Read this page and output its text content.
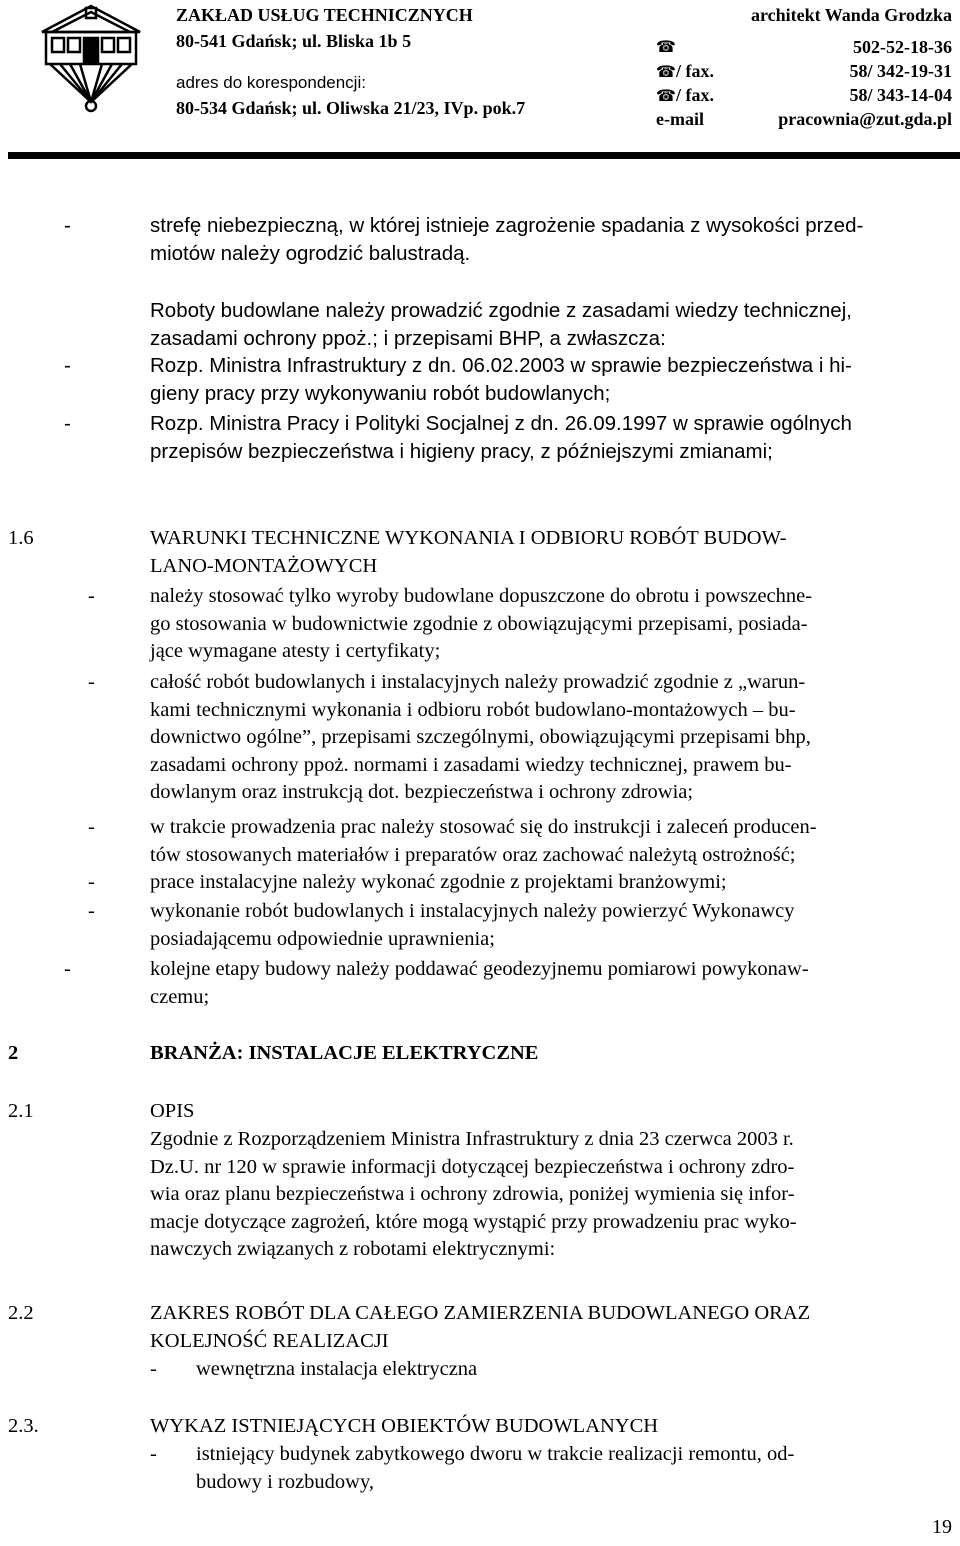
ZAKŁAD USŁUG TECHNICZNYCH
80-541 Gdańsk; ul. Bliska 1b 5
adres do korespondencji:
80-534 Gdańsk; ul. Oliwska 21/23, IVp. pok.7
architekt Wanda Grodzka
☎	502-52-18-36
☎ / fax.	58/ 342-19-31
☎ / fax.	58/ 343-14-04
e-mail	pracownia@zut.gda.pl
-	strefę niebezpieczną, w której istnieje zagrożenie spadania z wysokości przed-
miotów należy ogrodzić balustradą.
Roboty budowlane należy prowadzić zgodnie z zasadami wiedzy technicznej,
zasadami ochrony ppoż.; i przepisami BHP, a zwłaszcza:
-	Rozp. Ministra Infrastruktury z dn. 06.02.2003 w sprawie bezpieczeństwa i hi-
gieny pracy przy wykonywaniu robót budowlanych;
-	Rozp. Ministra Pracy i Polityki Socjalnej z dn. 26.09.1997 w sprawie ogólnych
przepisów bezpieczeństwa i higieny pracy, z późniejszymi zmianami;
1.6	WARUNKI TECHNICZNE WYKONANIA I ODBIORU ROBÓT BUDOW-
LANO-MONTAŻOWYCH
-	należy stosować tylko wyroby budowlane dopuszczone do obrotu i powszechne-
go stosowania w budownictwie zgodnie z obowiązującymi przepisami, posiada-
jące wymagane atesty i certyfikaty;
-	całość robót budowlanych i instalacyjnych należy prowadzić zgodnie z „warun-
kami technicznymi wykonania i odbioru robót budowlano-montażowych – bu-
downictwo ogólne”, przepisami szczególnymi, obowiązującymi przepisami bhp,
zasadami ochrony ppoż. normami i zasadami wiedzy technicznej, prawem bu-
dowlanym oraz instrukcją dot. bezpieczeństwa i ochrony zdrowia;
-	w trakcie prowadzenia prac należy stosować się do instrukcji i zaleceń producen-
tów stosowanych materiałów i preparatów oraz zachować należytą ostrożność;
-	prace instalacyjne należy wykonać zgodnie z projektami branżowymi;
-	wykonanie robót budowlanych i instalacyjnych należy powierzyć Wykonawcy
posiadającemu odpowiednie uprawnienia;
-	kolejne etapy budowy należy poddawać geodezyjnemu pomiarowi powykonaw-
czemu;
2	BRANŻA: INSTALACJE ELEKTRYCZNE
2.1	OPIS
Zgodnie z Rozporządzeniem Ministra Infrastruktury z dnia 23 czerwca 2003 r.
Dz.U. nr 120 w sprawie informacji dotyczącej bezpieczeństwa i ochrony zdro-
wia oraz planu bezpieczeństwa i ochrony zdrowia, poniżej wymienia się infor-
macje dotyczące zagrożeń, które mogą wystąpić przy prowadzeniu prac wyko-
nawczych związanych z robotami elektrycznymi:
2.2	ZAKRES ROBÓT DLA CAŁEGO ZAMIERZENIA BUDOWLANEGO ORAZ
KOLEJNOŚĆ REALIZACJI
- wewnętrzna instalacja elektryczna
2.3.	WYKAZ ISTNIEJĄCYCH OBIEKTÓW BUDOWLANYCH
- istniejący budynek zabytkowego dworu w trakcie realizacji remontu, od-
budowy i rozbudowy,
19
